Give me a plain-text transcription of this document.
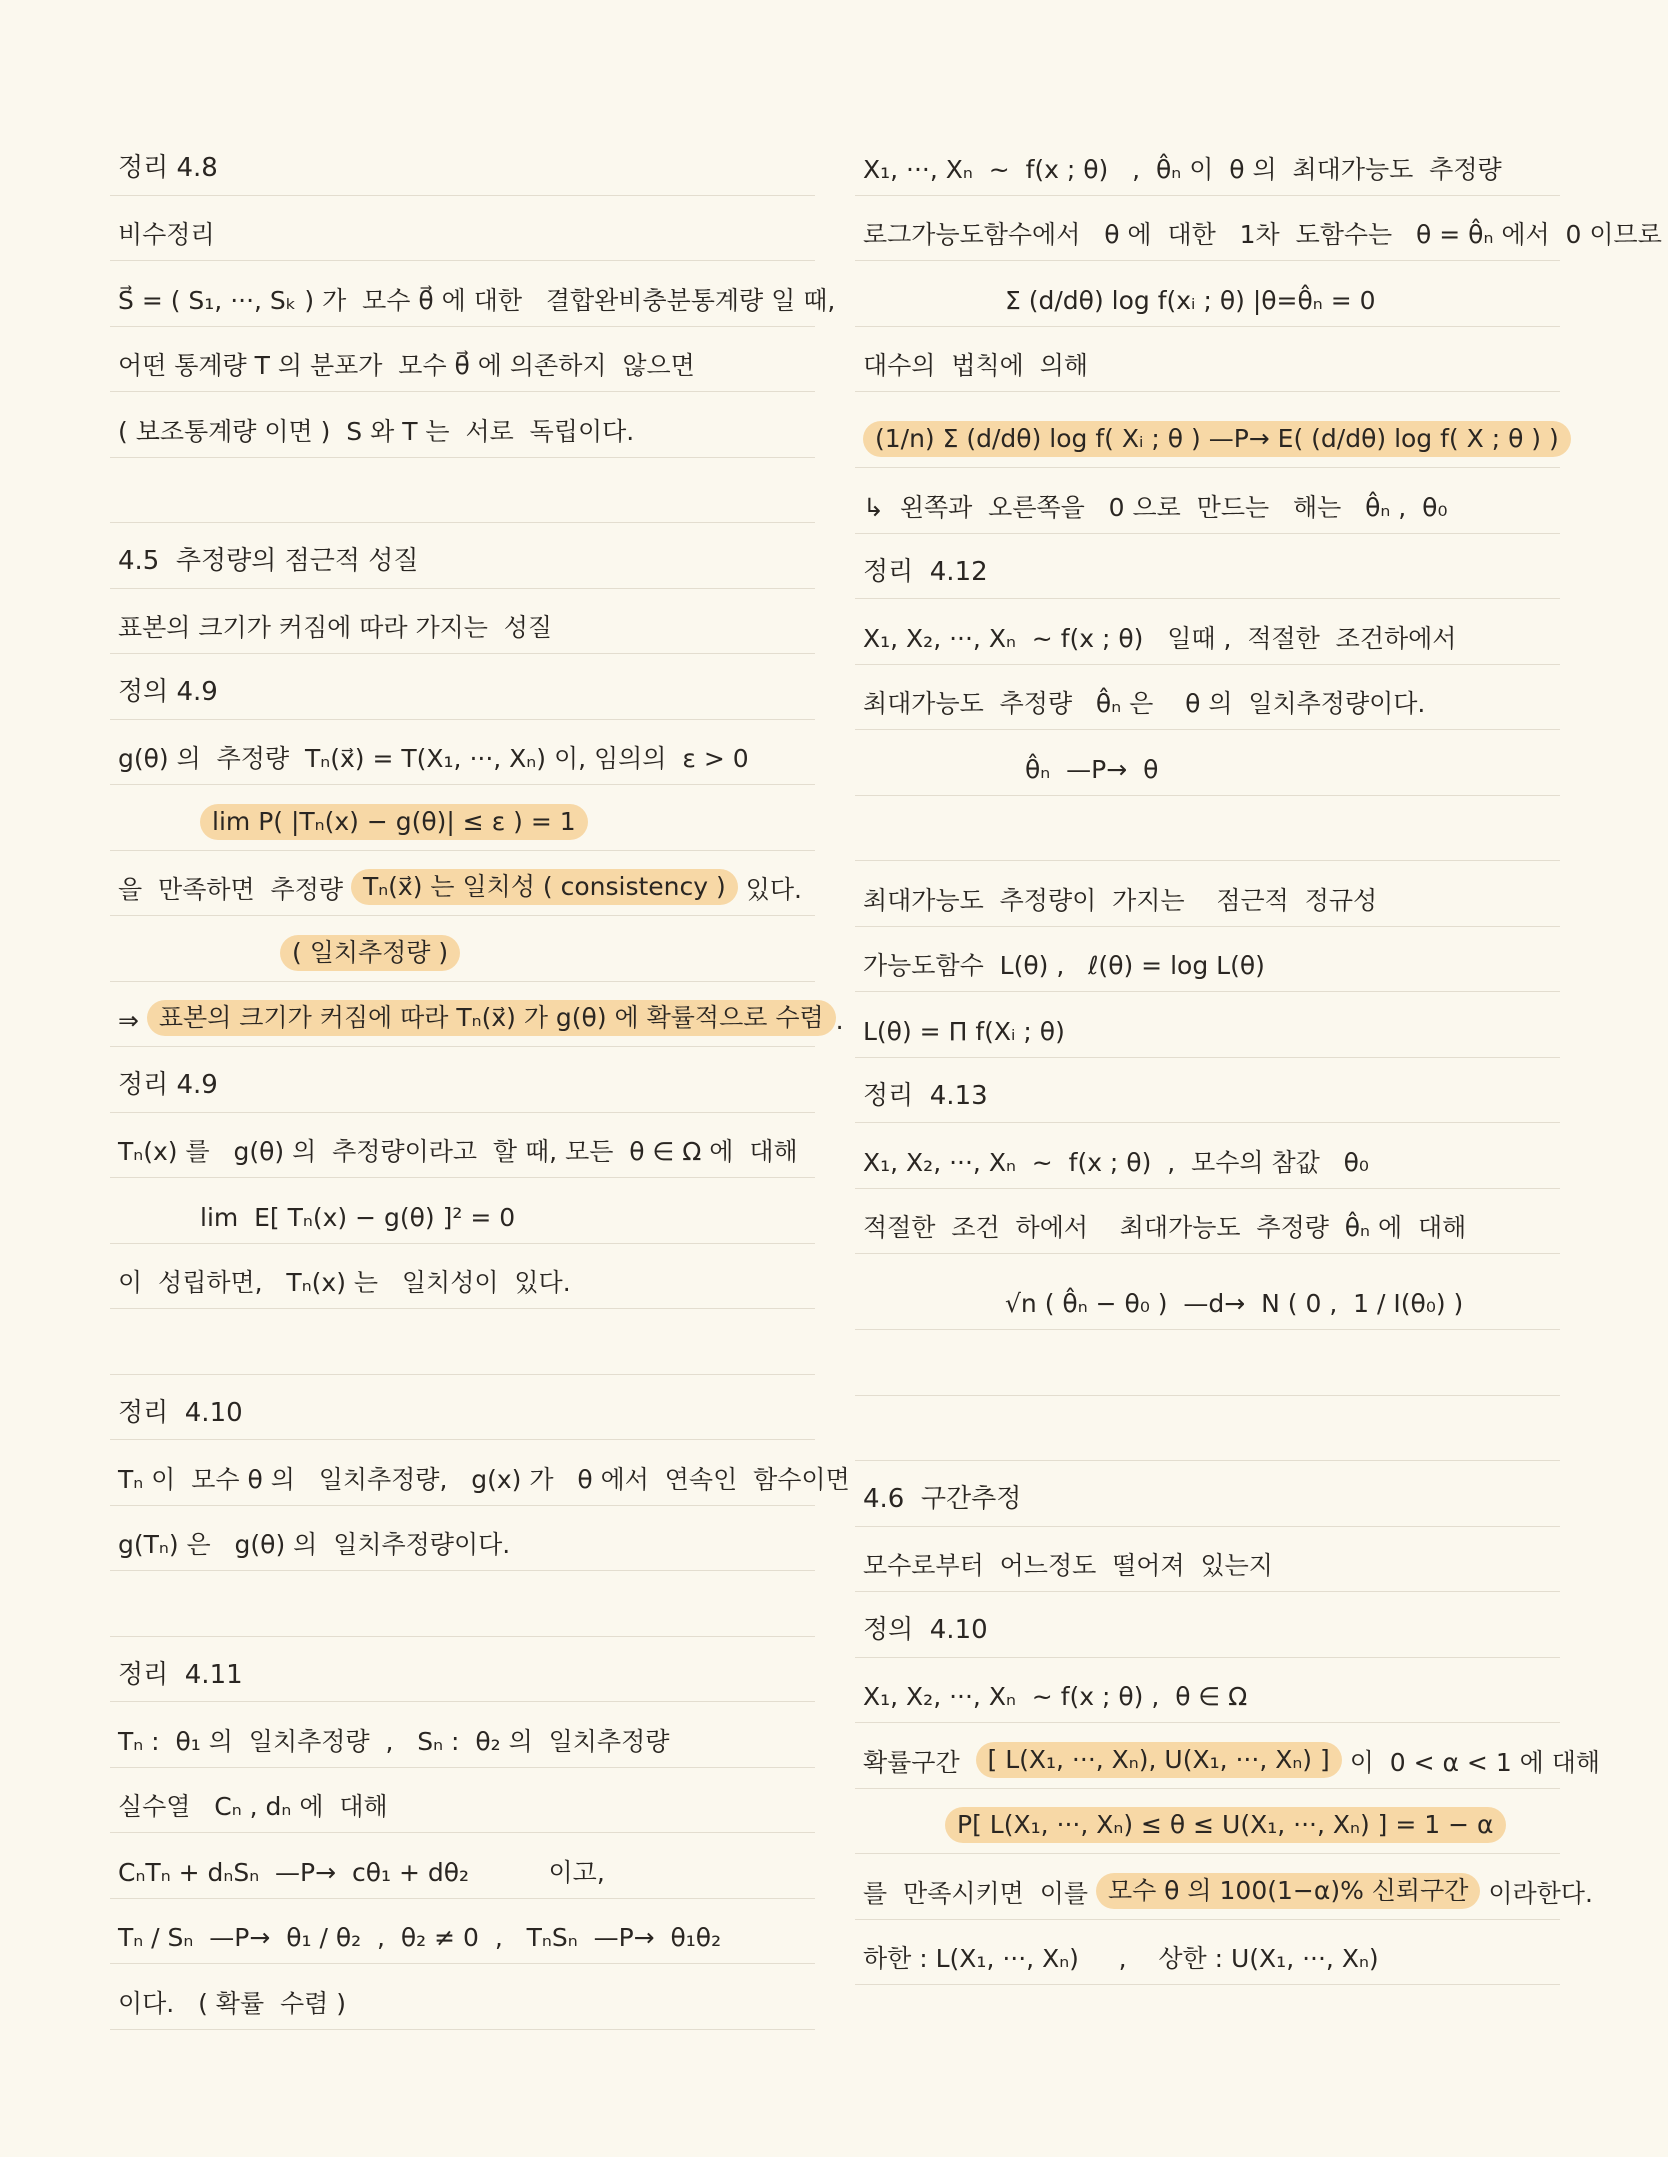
정리 4.8
비수정리
S⃗ = ( S₁, ···, Sₖ ) 가  모수 θ⃗ 에 대한   결합완비충분통계량 일 때,
어떤 통계량 T 의 분포가  모수 θ⃗ 에 의존하지  않으면
( 보조통계량 이면 )  S 와 T 는  서로  독립이다.
4.5  추정량의 점근적 성질
표본의 크기가 커짐에 따라 가지는  성질
정의 4.9
g(θ) 의  추정량  Tₙ(x⃗) = T(X₁, ···, Xₙ) 이, 임의의  ε > 0
lim P( |Tₙ(x) − g(θ)| ≤ ε ) = 1
을  만족하면  추정량 Tₙ(x⃗) 는 일치성 ( consistency ) 있다.
( 일치추정량 )
⇒ 표본의 크기가 커짐에 따라 Tₙ(x⃗) 가 g(θ) 에 확률적으로 수렴 .
정리 4.9
Tₙ(x) 를   g(θ) 의  추정량이라고  할 때, 모든  θ ∈ Ω 에  대해
lim  E[ Tₙ(x) − g(θ) ]² = 0
이  성립하면,   Tₙ(x) 는   일치성이  있다.
정리  4.10
Tₙ 이  모수 θ 의   일치추정량,   g(x) 가   θ 에서  연속인  함수이면
g(Tₙ) 은   g(θ) 의  일치추정량이다.
정리  4.11
Tₙ :  θ₁ 의  일치추정량  ,   Sₙ :  θ₂ 의  일치추정량
실수열   Cₙ , dₙ 에  대해
CₙTₙ + dₙSₙ  —P→  cθ₁ + dθ₂          이고,
Tₙ / Sₙ  —P→  θ₁ / θ₂  ,  θ₂ ≠ 0  ,   TₙSₙ  —P→  θ₁θ₂
이다.   ( 확률  수렴 )
X₁, ···, Xₙ  ~  f(x ; θ)   ,  θ̂ₙ 이  θ 의  최대가능도  추정량
로그가능도함수에서   θ 에  대한   1차  도함수는   θ = θ̂ₙ 에서  0 이므로
Σ (d/dθ) log f(xᵢ ; θ) |θ=θ̂ₙ = 0
대수의  법칙에  의해
(1/n) Σ (d/dθ) log f( Xᵢ ; θ ) —P→ E( (d/dθ) log f( X ; θ ) )
↳  왼쪽과  오른쪽을   0 으로  만드는   해는   θ̂ₙ ,  θ₀
정리  4.12
X₁, X₂, ···, Xₙ  ~ f(x ; θ)   일때 ,  적절한  조건하에서
최대가능도  추정량   θ̂ₙ 은    θ 의  일치추정량이다.
θ̂ₙ  —P→  θ
최대가능도  추정량이  가지는    점근적  정규성
가능도함수  L(θ) ,   ℓ(θ) = log L(θ)
L(θ) = Π f(Xᵢ ; θ)
정리  4.13
X₁, X₂, ···, Xₙ  ~  f(x ; θ)  ,  모수의 참값   θ₀
적절한  조건  하에서    최대가능도  추정량  θ̂ₙ 에  대해
√n ( θ̂ₙ − θ₀ )  —d→  N ( 0 ,  1 / I(θ₀) )
4.6  구간추정
모수로부터  어느정도  떨어져  있는지
정의  4.10
X₁, X₂, ···, Xₙ  ~ f(x ; θ) ,  θ ∈ Ω
확률구간 [ L(X₁, ···, Xₙ), U(X₁, ···, Xₙ) ] 이  0 < α < 1 에 대해
P[ L(X₁, ···, Xₙ) ≤ θ ≤ U(X₁, ···, Xₙ) ] = 1 − α
를  만족시키면  이를 모수 θ 의 100(1−α)% 신뢰구간 이라한다.
하한 : L(X₁, ···, Xₙ)     ,    상한 : U(X₁, ···, Xₙ)
